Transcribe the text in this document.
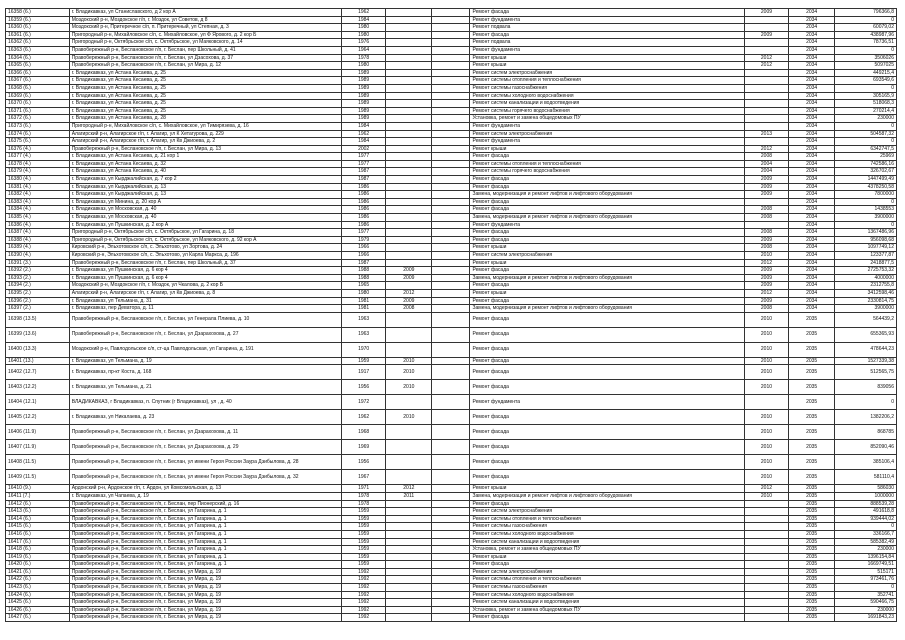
16358 (6.)	г. Владикавказ, ул Станиславского, д 2 кор А	1962			Ремонт фасада	2009	2034	796366,8
16359 (6.)	Моздокский р-н, Моздокское г/п, г. Моздок, ул Советов, д 8	1984			Ремонт фундамента		2034	0
16360 (6.)	Моздокский р-н, Притеречное с/п, п. Притеречный, ул Степная, д. 3	1980			Ремонт подвала		2034	60079,02
16361 (6.)	Пригородный р-н, Михайловское с/п, с. Михайловское, ул Ф Ярового, д. 2 кор Б	1980			Ремонт фасада	2009	2034	438987,96
16362 (6.)	Пригородный р-н, Октябрьское с/п, с. Октябрьское, ул Маяковского, д. 14	1976			Ремонт подвала		2034	78736,51
16363 (6.)	Правобережный р-н, Беслановское г/п, г. Беслан, пер Школьный, д. 41	1964			Ремонт фундамента		2034	0
16364 (6.)	Правобережный р-н, Беслановское г/п, г. Беслан, ул Дзасохова, д. 37	1978			Ремонт крыши	2012	2034	3506026
16365 (6.)	Правобережный р-н, Беслановское г/п, г. Беслан, ул Мира, д. 12	1980			Ремонт крыши	2012	2034	5097025
16366 (6.)	г. Владикавказ, ул Астана Кесаева, д. 25	1989			Ремонт систем электроснабжения		2034	449215,4
16367 (6.)	г. Владикавказ, ул Астана Кесаева, д. 25	1989			Ремонт системы отопления и теплоснабжения		2034	693549,6
16368 (6.)	г. Владикавказ, ул Астана Кесаева, д. 25	1989			Ремонт системы газоснабжения		2034	0
16369 (6.)	г. Владикавказ, ул Астана Кесаева, д. 25	1989			Ремонт системы холодного водоснабжения		2034	305165,9
16370 (6.)	г. Владикавказ, ул Астана Кесаева, д. 25	1989			Ремонт систем канализации и водоотведения		2034	518068,3
16371 (6.)	г. Владикавказ, ул Астана Кесаева, д. 25	1989			Ремонт системы горячего водоснабжения		2034	270214,4
16372 (6.)	г. Владикавказ, ул Астана Кесаева, д. 28	1989			Установка, ремонт и замена общедомовых ПУ		2034	230000
16373 (6.)	Пригородный р-н, Михайловское с/п, с. Михайловское, ул Тимирязева, д. 16	1984			Ремонт фундамента		2034	0
16374 (6.)	Алагирский р-н, Алагирское г/п, г. Алагир, ул К Хетагурова, д. 229	1962			Ремонт систем электроснабжения	2013	2034	504587,32
16375 (6.)	Алагирский р-н, Алагирское г/п, г. Алагир, ул Кв Джиоева, д. 2	1984			Ремонт фундамента		2034	0
16376 (4.)	Правобережный р-н, Беслановское г/п, г. Беслан, ул Мира, д. 13	2002			Ремонт крыши	2012	2034	6342747,5
16377 (4.)	г. Владикавказ, ул Астана Кесаева, д. 21 кор 1	1977			Ремонт фасада	2008	2034	25969
16378 (4.)	г. Владикавказ, ул Астана Кесаева, д. 32	1977			Ремонт системы отопления и теплоснабжения	2004	2034	742586,16
16379 (4.)	г. Владикавказ, ул Астана Кесаева, д. 40	1987			Ремонт системы горячего водоснабжения	2004	2034	326702,67
16380 (4.)	г. Владикавказ, ул Кырджалийская, д. 7 кор 2	1987			Ремонт фасада	2009	2034	1447499,49
16381 (4.)	г. Владикавказ, ул Кырджалийская, д. 13	1986			Ремонт фасада	2009	2034	4378250,58
16382 (4.)	г. Владикавказ, ул Кырджалийская, д. 13	1986			Замена, модернизация и ремонт лифтов и лифтового оборудования	2009	2034	7800000
16383 (4.)	г. Владикавказ, ул Минина, д. 20 кор А	1986			Ремонт фасада		2034	0
16384 (4.)	г. Владикавказ, ул Московская, д. 40	1986			Ремонт фасада	2008	2034	1438553
16385 (4.)	г. Владикавказ, ул Московская, д. 40	1986			Замена, модернизация и ремонт лифтов и лифтового оборудования	2008	2034	3900000
16386 (4.)	г. Владикавказ, ул Пушкинская, д. 2 кор А	1986			Ремонт фундамента		2034	0
16387 (4.)	Пригородный р-н, Октябрьское с/п, с. Октябрьское, ул Гагарина, д. 18	1977			Ремонт фасада	2008	2034	1367486,96
16388 (4.)	Пригородный р-н, Октябрьское с/п, с. Октябрьское, ул Маяковского, д. 92 кор А	1979			Ремонт фасада	2009	2034	956098,68
16389 (4.)	Кировский р-н, Эльхотовское с/п, с. Эльхотово, ул Зортова, д. 24	1966			Ремонт крыши	2008	2034	1097749,12
16390 (4.)	Кировский р-н, Эльхотовское с/п, с. Эльхотово, ул Карла Маркса, д. 196	1966			Ремонт систем электроснабжения	2010	2034	123377,87
16391 (3.)	Правобережный р-н, Беслановское г/п, г. Беслан, пер Школьный, д. 37	1987			Ремонт крыши	2012	2034	2418877,5
16392 (2.)	г. Владикавказ, ул Пушкинская, д. 6 кор 4	1988	2009		Ремонт фасада	2009	2034	2725753,32
16393 (2.)	г. Владикавказ, ул Пушкинская, д. 6 кор 4	1988	2009		Замена, модернизация и ремонт лифтов и лифтового оборудования	2009	2034	4000000
16394 (2.)	Моздокский р-н, Моздокское г/п, г. Моздок, ул Чкалова, д. 2 кор Б	1965			Ремонт фасада	2009	2034	2312755,8
16395 (2.)	Алагирский р-н, Алагирское г/п, г. Алагир, ул Кв Джиоева, д. 8	1980	2012		Ремонт крыши	2012	2034	3412598,46
16396 (2.)	г. Владикавказ, ул Тельмана, д. 31	1981	2009		Ремонт фасада	2009	2034	2330814,75
16397 (2.)	г. Владикавказ, пер Деватора, д. 11	1981	2008		Замена, модернизация и ремонт лифтов и лифтового оборудования	2008	2034	3900000
16398 (13.5)	Правобережный р-н, Беслановское г/п, г. Беслан, ул Генерала Плиева, д. 10	1963			Ремонт фасада	2010	2035	564439,2
16399 (13.6)	Правобережный р-н, Беслановское г/п, г. Беслан, ул Дзарахохова, д. 27	1963			Ремонт фасада	2010	2035	655365,93
16400 (13.3)	Моздокский р-н, Павлодольское с/п, ст-ца Павлодольская, ул Гагарина, д. 191	1970			Ремонт фасада	2010	2035	478644,23
16401 (13.)	г. Владикавказ, ул Тельмана, д. 19	1959	2010		Ремонт фасада	2010	2035	1527339,38
16402 (12.7)	г. Владикавказ, пр-кт Коста, д. 168	1917	2010		Ремонт фасада	2010	2035	512565,75
16403 (12.2)	г. Владикавказ, ул Тельмана, д. 21	1956	2010		Ремонт фасада	2010	2035	839056
16404 (12.1)	ВЛАДИКАВКАЗ, г Владикавказ, п. Спутник (г Владикавказ), ул , д. 40	1972			Ремонт фундамента		2035	0
16405 (12.2)	г. Владикавказ, ул Никалаева, д. 23	1962	2010		Ремонт фасада	2010	2035	1382206,2
16406 (11.9)	Правобережный р-н, Беслановское г/п, г. Беслан, ул Дзарахохова, д. 11	1968			Ремонт фасада	2010	2035	868785
16407 (11.9)	Правобережный р-н, Беслановское г/п, г. Беслан, ул Дзарахохова, д. 29	1969			Ремонт фасада	2010	2035	852090,46
16408 (11.5)	Правобережный р-н, Беслановское г/п, г. Беслан, ул имени Героя России Заура Дзибылова, д. 28	1956			Ремонт фасада	2010	2035	385106,4
16409 (11.5)	Правобережный р-н, Беслановское г/п, г. Беслан, ул имени Героя России Заура Дзибылова, д. 32	1967			Ремонт фасада	2010	2035	581110,4
16410 (9.)	Ардонский р-н, Ардонское г/п, г. Ардон, ул Комсомольская, д. 13	1971	2012		Ремонт крыши	2012	2035	586030
16411 (7.)	г. Владикавказ, ул Чапаева, д. 19	1978	2011		Замена, модернизация и ремонт лифтов и лифтового оборудования	2010	2035	1000000
16412 (6.)	Правобережный р-н, Беслановское г/п, г. Беслан, пер Пионерский, д. 16	1978			Ремонт фасада		2035	888539,28
16413 (6.)	Правобережный р-н, Беслановское г/п, г. Беслан, ул Гагарина, д. 1	1959			Ремонт систем электроснабжения		2035	491618,8
16414 (6.)	Правобережный р-н, Беслановское г/п, г. Беслан, ул Гагарина, д. 1	1959			Ремонт системы отопления и теплоснабжения		2035	939444,02
16415 (6.)	Правобережный р-н, Беслановское г/п, г. Беслан, ул Гагарина, д. 1	1959			Ремонт системы газоснабжения		2035	0
16416 (6.)	Правобережный р-н, Беслановское г/п, г. Беслан, ул Гагарина, д. 1	1959			Ремонт системы холодного водоснабжения		2035	336166,7
16417 (6.)	Правобережный р-н, Беслановское г/п, г. Беслан, ул Гагарина, д. 1	1959			Ремонт систем канализации и водоотведения		2035	585382,49
16418 (6.)	Правобережный р-н, Беслановское г/п, г. Беслан, ул Гагарина, д. 1	1959			Установка, ремонт и замена общедомовых ПУ		2035	230000
16419 (6.)	Правобережный р-н, Беслановское г/п, г. Беслан, ул Гагарина, д. 1	1959			Ремонт крыши		2035	1396154,84
16420 (6.)	Правобережный р-н, Беслановское г/п, г. Беслан, ул Гагарина, д. 1	1959			Ремонт фасада		2035	1669749,51
16421 (6.)	Правобережный р-н, Беслановское г/п, г. Беслан, ул Мира, д. 19	1992			Ремонт систем электроснабжения		2035	515171
16422 (6.)	Правобережный р-н, Беслановское г/п, г. Беслан, ул Мира, д. 19	1992			Ремонт системы отопления и теплоснабжения		2035	973461,76
16423 (6.)	Правобережный р-н, Беслановское г/п, г. Беслан, ул Мира, д. 19	1992			Ремонт системы газоснабжения		2035	0
16424 (6.)	Правобережный р-н, Беслановское г/п, г. Беслан, ул Мира, д. 19	1992			Ремонт системы холодного водоснабжения		2035	352741
16425 (6.)	Правобережный р-н, Беслановское г/п, г. Беслан, ул Мира, д. 19	1992			Ремонт систем канализации и водоотведения		2035	590466,75
16426 (6.)	Правобережный р-н, Беслановское г/п, г. Беслан, ул Мира, д. 19	1992			Установка, ремонт и замена общедомовых ПУ		2035	230000
16427 (6.)	Правобережный р-н, Беслановское г/п, г. Беслан, ул Мира, д. 19	1992			Ремонт фасада		2035	1691843,23
